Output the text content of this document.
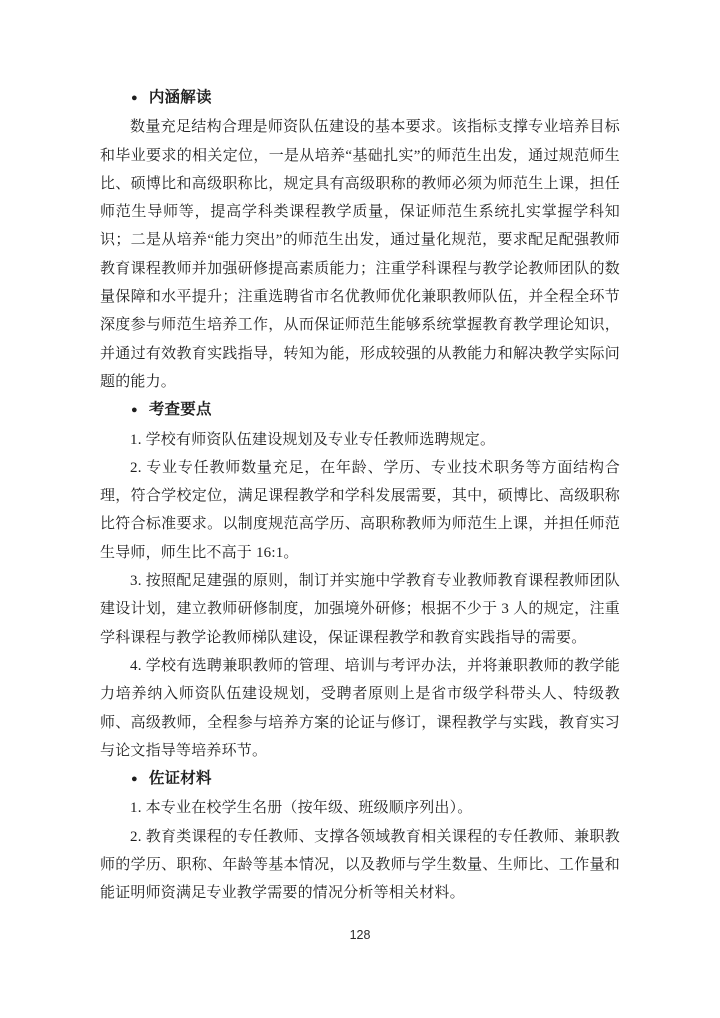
● 内涵解读

数量充足结构合理是师资队伍建设的基本要求。该指标支撑专业培养目标和毕业要求的相关定位，一是从培养“基础扎实”的师范生出发，通过规范师生比、硕博比和高级职称比，规定具有高级职称的教师必须为师范生上课，担任师范生导师等，提高学科类课程教学质量，保证师范生系统扎实掌握学科知识；二是从培养“能力突出”的师范生出发，通过量化规范，要求配足配强教师教育课程教师并加强研修提高素质能力；注重学科课程与教学论教师团队的数量保障和水平提升；注重选聘省市名优教师优化兼职教师队伍，并全程全环节深度参与师范生培养工作，从而保证师范生能够系统掌握教育教学理论知识，并通过有效教育实践指导，转知为能，形成较强的从教能力和解决教学实际问题的能力。

● 考查要点

1. 学校有师资队伍建设规划及专业专任教师选聘规定。

2. 专业专任教师数量充足，在年龄、学历、专业技术职务等方面结构合理，符合学校定位，满足课程教学和学科发展需要，其中，硕博比、高级职称比符合标准要求。以制度规范高学历、高职称教师为师范生上课，并担任师范生导师，师生比不高于 16:1。

3. 按照配足建强的原则，制订并实施中学教育专业教师教育课程教师团队建设计划，建立教师研修制度，加强境外研修；根据不少于 3 人的规定，注重学科课程与教学论教师梯队建设，保证课程教学和教育实践指导的需要。

4. 学校有选聘兼职教师的管理、培训与考评办法，并将兼职教师的教学能力培养纳入师资队伍建设规划，受聘者原则上是省市级学科带头人、特级教师、高级教师，全程参与培养方案的论证与修订，课程教学与实践，教育实习与论文指导等培养环节。

● 佐证材料

1. 本专业在校学生名册（按年级、班级顺序列出）。

2. 教育类课程的专任教师、支撑各领域教育相关课程的专任教师、兼职教师的学历、职称、年龄等基本情况，以及教师与学生数量、生师比、工作量和能证明师资满足专业教学需要的情况分析等相关材料。

128
